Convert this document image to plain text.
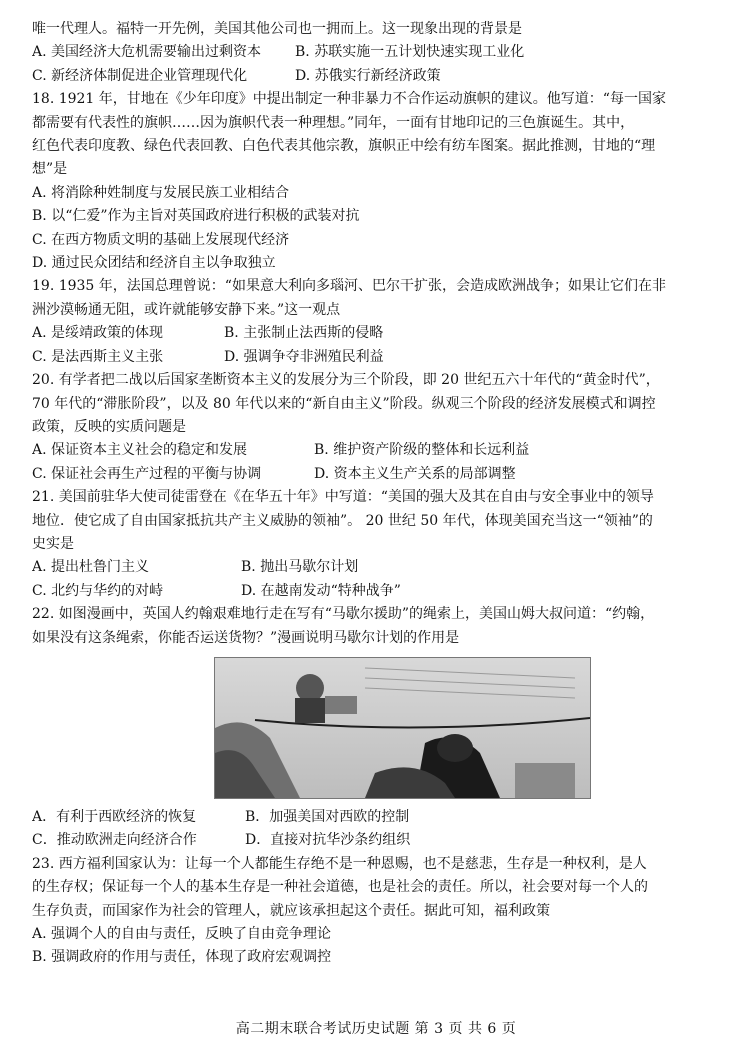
唯一代理人。福特一开先例，美国其他公司也一拥而上。这一现象出现的背景是
A. 美国经济大危机需要输出过剩资本	B. 苏联实施一五计划快速实现工业化
C. 新经济体制促进企业管理现代化	D. 苏俄实行新经济政策
18. 1921 年，甘地在《少年印度》中提出制定一种非暴力不合作运动旗帜的建议。他写道：“每一国家
都需要有代表性的旗帜……因为旗帜代表一种理想。”同年，一面有甘地印记的三色旗诞生。其中，
红色代表印度教、绿色代表回教、白色代表其他宗教，旗帜正中绘有纺车图案。据此推测，甘地的“理
想”是
A. 将消除种姓制度与发展民族工业相结合
B. 以“仁爱”作为主旨对英国政府进行积极的武装对抗
C. 在西方物质文明的基础上发展现代经济
D. 通过民众团结和经济自主以争取独立
19. 1935 年，法国总理曾说：“如果意大利向多瑙河、巴尔干扩张，会造成欧洲战争；如果让它们在非
洲沙漠畅通无阻，或许就能够安静下来。”这一观点
A. 是绥靖政策的体现	B. 主张制止法西斯的侵略
C. 是法西斯主义主张	D. 强调争夺非洲殖民利益
20. 有学者把二战以后国家垄断资本主义的发展分为三个阶段，即 20 世纪五六十年代的“黄金时代”，
70 年代的“滞胀阶段”，以及 80 年代以来的“新自由主义”阶段。纵观三个阶段的经济发展模式和调控
政策，反映的实质问题是
A. 保证资本主义社会的稳定和发展	B. 维护资产阶级的整体和长远利益
C. 保证社会再生产过程的平衡与协调	D. 资本主义生产关系的局部调整
21. 美国前驻华大使司徒雷登在《在华五十年》中写道：“美国的强大及其在自由与安全事业中的领导
地位．使它成了自由国家抵抗共产主义威胁的领袖”。 20 世纪 50 年代，体现美国充当这一“领袖”的
史实是
A. 提出杜鲁门主义	B. 抛出马歇尔计划
C. 北约与华约的对峙	D. 在越南发动“特种战争”
22. 如图漫画中，英国人约翰艰难地行走在写有“马歇尔援助”的绳索上，美国山姆大叔问道：“约翰，
如果没有这条绳索，你能否运送货物？”漫画说明马歇尔计划的作用是
A．有利于西欧经济的恢复	B．加强美国对西欧的控制
C．推动欧洲走向经济合作	D．直接对抗华沙条约组织
23. 西方福利国家认为：让每一个人都能生存绝不是一种恩赐，也不是慈悲，生存是一种权利，是人
的生存权；保证每一个人的基本生存是一种社会道德，也是社会的责任。所以，社会要对每一个人的
生存负责，而国家作为社会的管理人，就应该承担起这个责任。据此可知，福利政策
A. 强调个人的自由与责任，反映了自由竞争理论
B. 强调政府的作用与责任，体现了政府宏观调控
高二期末联合考试历史试题 第 3 页 共 6 页
